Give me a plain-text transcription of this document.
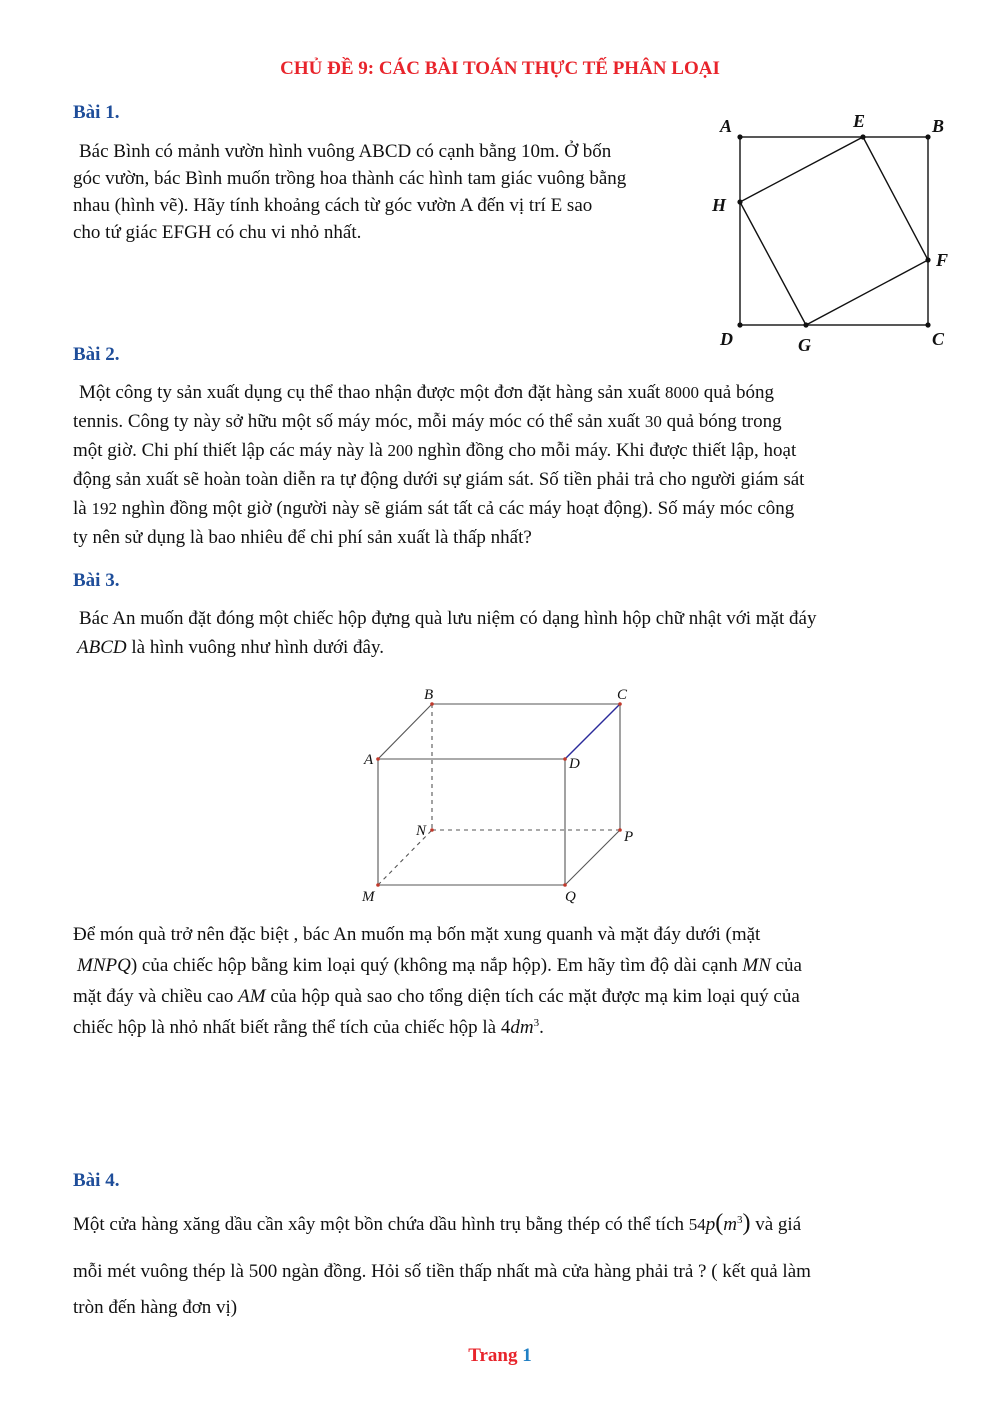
CHỦ ĐỀ 9: CÁC BÀI TOÁN THỰC TẾ PHÂN LOẠI
Bài 1.
Bác Bình có mảnh vườn hình vuông ABCD có cạnh bằng 10m. Ở bốn
góc vườn, bác Bình muốn trồng hoa thành các hình tam giác vuông bằng
nhau (hình vẽ). Hãy tính khoảng cách từ góc vườn A đến vị trí E sao
cho tứ giác EFGH có chu vi nhỏ nhất.
A	E	B
H
F
D	G	C
Bài 2.
Một công ty sản xuất dụng cụ thể thao nhận được một đơn đặt hàng sản xuất 8000 quả bóng
tennis. Công ty này sở hữu một số máy móc, mỗi máy móc có thể sản xuất 30 quả bóng trong
một giờ. Chi phí thiết lập các máy này là 200 nghìn đồng cho mỗi máy. Khi được thiết lập, hoạt
động sản xuất sẽ hoàn toàn diễn ra tự động dưới sự giám sát. Số tiền phải trả cho người giám sát
là 192 nghìn đồng một giờ (người này sẽ giám sát tất cả các máy hoạt động). Số máy móc công
ty nên sử dụng là bao nhiêu để chi phí sản xuất là thấp nhất?
Bài 3.
Bác An muốn đặt đóng một chiếc hộp đựng quà lưu niệm có dạng hình hộp chữ nhật với mặt đáy
ABCD là hình vuông như hình dưới đây.
A
B	C
D
M
N	P
Q
Để món quà trở nên đặc biệt , bác An muốn mạ bốn mặt xung quanh và mặt đáy dưới (mặt
MNPQ) của chiếc hộp bằng kim loại quý (không mạ nắp hộp). Em hãy tìm độ dài cạnh MN của
mặt đáy và chiều cao AM của hộp quà sao cho tổng diện tích các mặt được mạ kim loại quý của
chiếc hộp là nhỏ nhất biết rằng thể tích của chiếc hộp là $4dm^3$.
Bài 4.
Một cửa hàng xăng dầu cần xây một bồn chứa dầu hình trụ bằng thép có thể tích $54p(m^3)$ và giá
mỗi mét vuông thép là 500 ngàn đồng. Hỏi số tiền thấp nhất mà cửa hàng phải trả ? ( kết quả làm
tròn đến hàng đơn vị)
Trang 1
